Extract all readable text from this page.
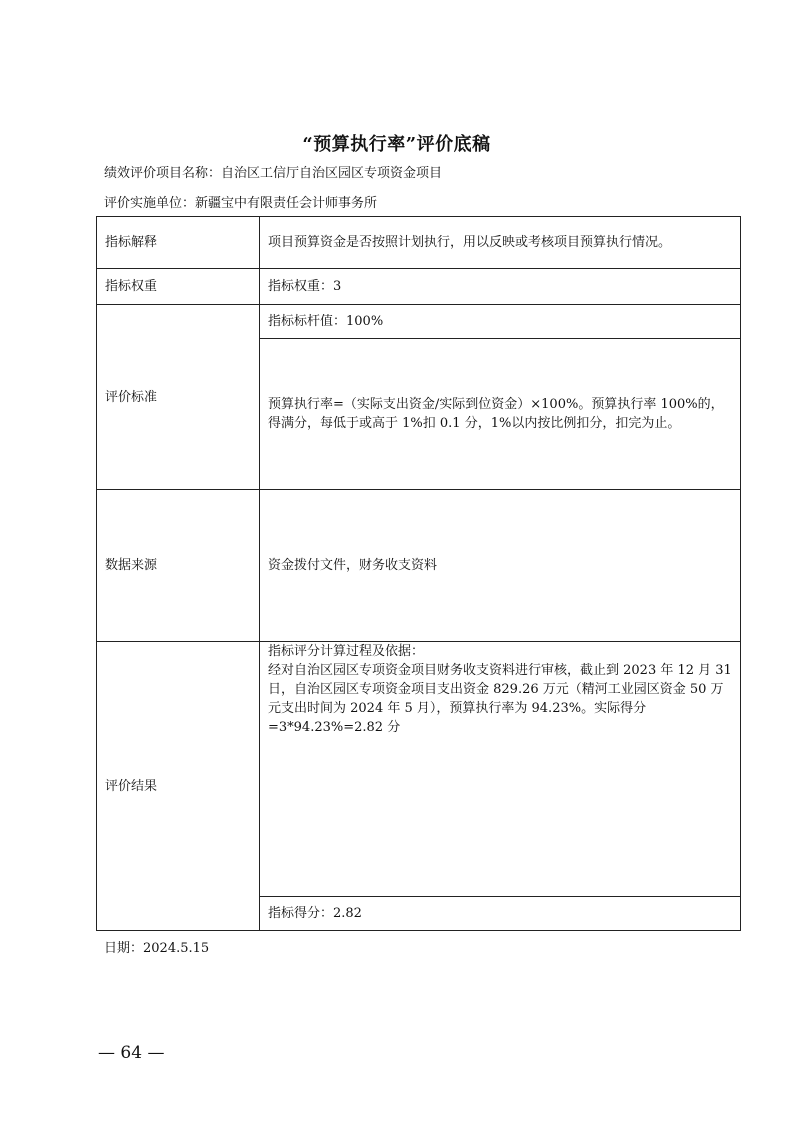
“预算执行率”评价底稿
绩效评价项目名称：自治区工信厅自治区园区专项资金项目
评价实施单位：新疆宝中有限责任会计师事务所
指标解释	项目预算资金是否按照计划执行，用以反映或考核项目预算执行情况。
指标权重	指标权重：3
评价标准	指标标杆值：100%
	预算执行率=（实际支出资金/实际到位资金）×100%。预算执行率 100%的，得满分，每低于或高于 1%扣 0.1 分，1%以内按比例扣分，扣完为止。
数据来源	资金拨付文件，财务收支资料
评价结果	指标评分计算过程及依据：
经对自治区园区专项资金项目财务收支资料进行审核，截止到 2023 年 12 月 31 日，自治区园区专项资金项目支出资金 829.26 万元（精河工业园区资金 50 万元支出时间为 2024 年 5 月），预算执行率为 94.23%。实际得分=3*94.23%=2.82 分

	指标得分：2.82
日期：2024.5.15
— 64 —
